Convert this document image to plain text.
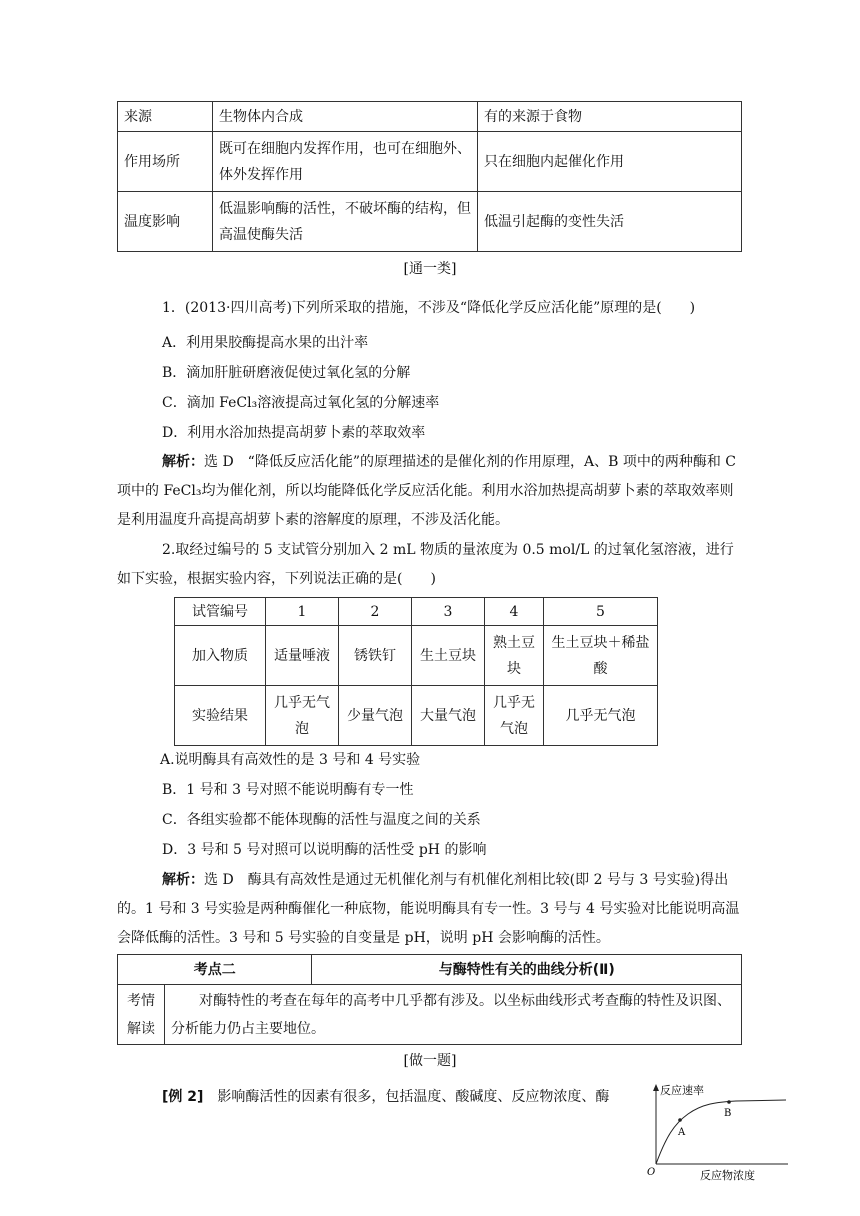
来源	生物体内合成	有的来源于食物
作用场所	既可在细胞内发挥作用，也可在细胞外、体外发挥作用	只在细胞内起催化作用
温度影响	低温影响酶的活性，不破坏酶的结构，但高温使酶失活	低温引起酶的变性失活
[通一类]
1．(2013·四川高考)下列所采取的措施，不涉及“降低化学反应活化能”原理的是(　　)
A．利用果胶酶提高水果的出汁率
B．滴加肝脏研磨液促使过氧化氢的分解
C．滴加 FeCl₃溶液提高过氧化氢的分解速率
D．利用水浴加热提高胡萝卜素的萃取效率
解析：选 D　“降低反应活化能”的原理描述的是催化剂的作用原理，A、B 项中的两种酶和 C 项中的 FeCl₃均为催化剂，所以均能降低化学反应活化能。利用水浴加热提高胡萝卜素的萃取效率则是利用温度升高提高胡萝卜素的溶解度的原理，不涉及活化能。
2.取经过编号的 5 支试管分别加入 2 mL 物质的量浓度为 0.5 mol/L 的过氧化氢溶液，进行如下实验，根据实验内容，下列说法正确的是(　　)
试管编号	1	2	3	4	5
加入物质	适量唾液	锈铁钉	生土豆块	熟土豆块	生土豆块＋稀盐酸
实验结果	几乎无气泡	少量气泡	大量气泡	几乎无气泡	几乎无气泡
A.说明酶具有高效性的是 3 号和 4 号实验
B．1 号和 3 号对照不能说明酶有专一性
C．各组实验都不能体现酶的活性与温度之间的关系
D．3 号和 5 号对照可以说明酶的活性受 pH 的影响
解析：选 D　酶具有高效性是通过无机催化剂与有机催化剂相比较(即 2 号与 3 号实验)得出的。1 号和 3 号实验是两种酶催化一种底物，能说明酶具有专一性。3 号与 4 号实验对比能说明高温会降低酶的活性。3 号和 5 号实验的自变量是 pH，说明 pH 会影响酶的活性。
考点二		与酶特性有关的曲线分析(Ⅱ)
考情解读	对酶特性的考查在每年的高考中几乎都有涉及。以坐标曲线形式考查酶的特性及识图、分析能力仍占主要地位。	
[做一题]
[例 2]　 影响酶活性的因素有很多，包括温度、酸碱度、反应物浓度、酶	反应速率
反应物浓度
O
A
B
